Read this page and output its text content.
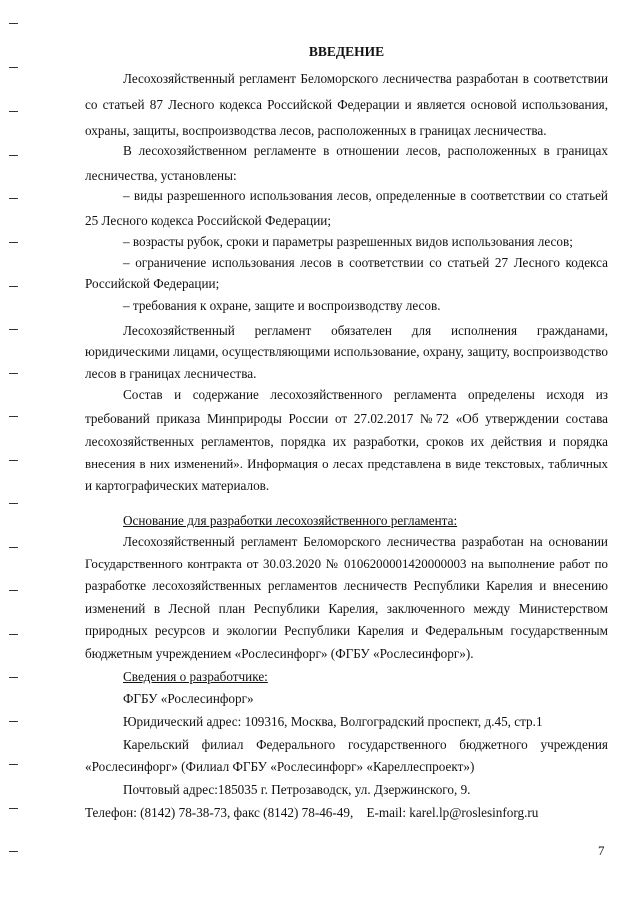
ВВЕДЕНИЕ
Лесохозяйственный регламент Беломорского лесничества разработан в соответствии
со статьей 87 Лесного кодекса Российской Федерации и является основой использования,
охраны, защиты, воспроизводства лесов, расположенных в границах лесничества.
В лесохозяйственном регламенте в отношении лесов, расположенных в границах
лесничества, установлены:
– виды разрешенного использования лесов, определенные в соответствии со статьей
25 Лесного кодекса Российской Федерации;
– возрасты рубок, сроки и параметры разрешенных видов использования лесов;
– ограничение использования лесов в соответствии со статьей 27 Лесного кодекса
Российской Федерации;
– требования к охране, защите и воспроизводству лесов.
Лесохозяйственный регламент обязателен для исполнения гражданами,
юридическими лицами, осуществляющими использование, охрану, защиту, воспроизводство
лесов в границах лесничества.
Состав и содержание лесохозяйственного регламента определены исходя из
требований приказа Минприроды России от 27.02.2017 №72 «Об утверждении состава
лесохозяйственных регламентов, порядка их разработки, сроков их действия и порядка
внесения в них изменений». Информация о лесах представлена в виде текстовых, табличных
и картографических материалов.
Основание для разработки лесохозяйственного регламента:
Лесохозяйственный регламент Беломорского лесничества разработан на основании
Государственного контракта от 30.03.2020 № 0106200001420000003 на выполнение работ по
разработке лесохозяйственных регламентов лесничеств Республики Карелия и внесению
изменений в Лесной план Республики Карелия, заключенного между Министерством
природных ресурсов и экологии Республики Карелия и Федеральным государственным
бюджетным учреждением «Рослесинфорг» (ФГБУ «Рослесинфорг»).
Сведения о разработчике:
ФГБУ «Рослесинфорг»
Юридический адрес: 109316, Москва, Волгоградский проспект, д.45, стр.1
Карельский филиал Федерального государственного бюджетного учреждения
«Рослесинфорг» (Филиал ФГБУ «Рослесинфорг» «Кареллеспроект»)
Почтовый адрес:185035 г. Петрозаводск, ул. Дзержинского, 9.
Телефон: (8142) 78-38-73, факс (8142) 78-46-49,    E-mail: karel.lp@roslesinforg.ru
7
